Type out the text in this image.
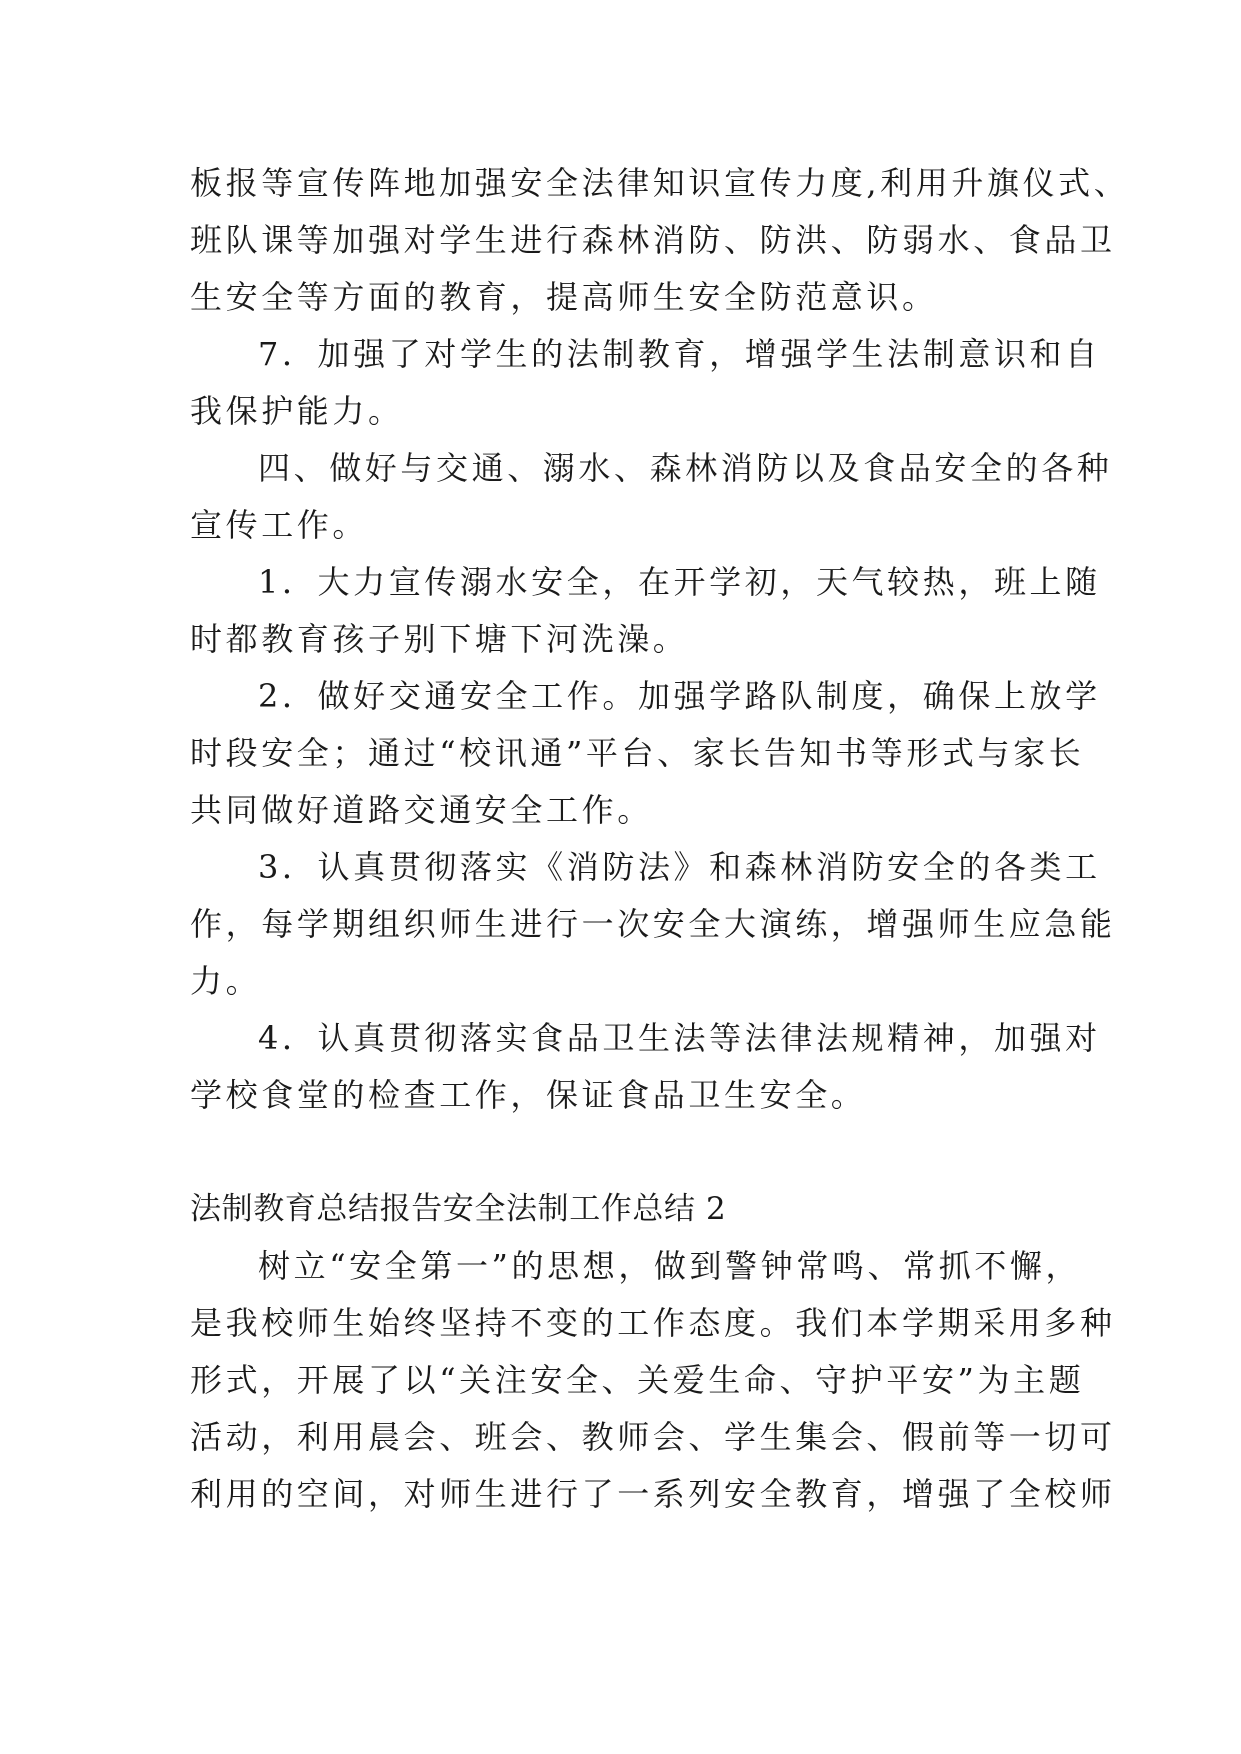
板报等宣传阵地加强安全法律知识宣传力度,利用升旗仪式、
班队课等加强对学生进行森林消防、防洪、防弱水、食品卫
生安全等方面的教育，提高师生安全防范意识。
7．加强了对学生的法制教育，增强学生法制意识和自
我保护能力。
四、做好与交通、溺水、森林消防以及食品安全的各种
宣传工作。
1．大力宣传溺水安全，在开学初，天气较热，班上随
时都教育孩子别下塘下河洗澡。
2．做好交通安全工作。加强学路队制度，确保上放学
时段安全；通过“校讯通”平台、家长告知书等形式与家长
共同做好道路交通安全工作。
3．认真贯彻落实《消防法》和森林消防安全的各类工
作，每学期组织师生进行一次安全大演练，增强师生应急能
力。
4．认真贯彻落实食品卫生法等法律法规精神，加强对
学校食堂的检查工作，保证食品卫生安全。
法制教育总结报告安全法制工作总结 2
树立“安全第一”的思想，做到警钟常鸣、常抓不懈，
是我校师生始终坚持不变的工作态度。我们本学期采用多种
形式，开展了以“关注安全、关爱生命、守护平安”为主题
活动，利用晨会、班会、教师会、学生集会、假前等一切可
利用的空间，对师生进行了一系列安全教育，增强了全校师
